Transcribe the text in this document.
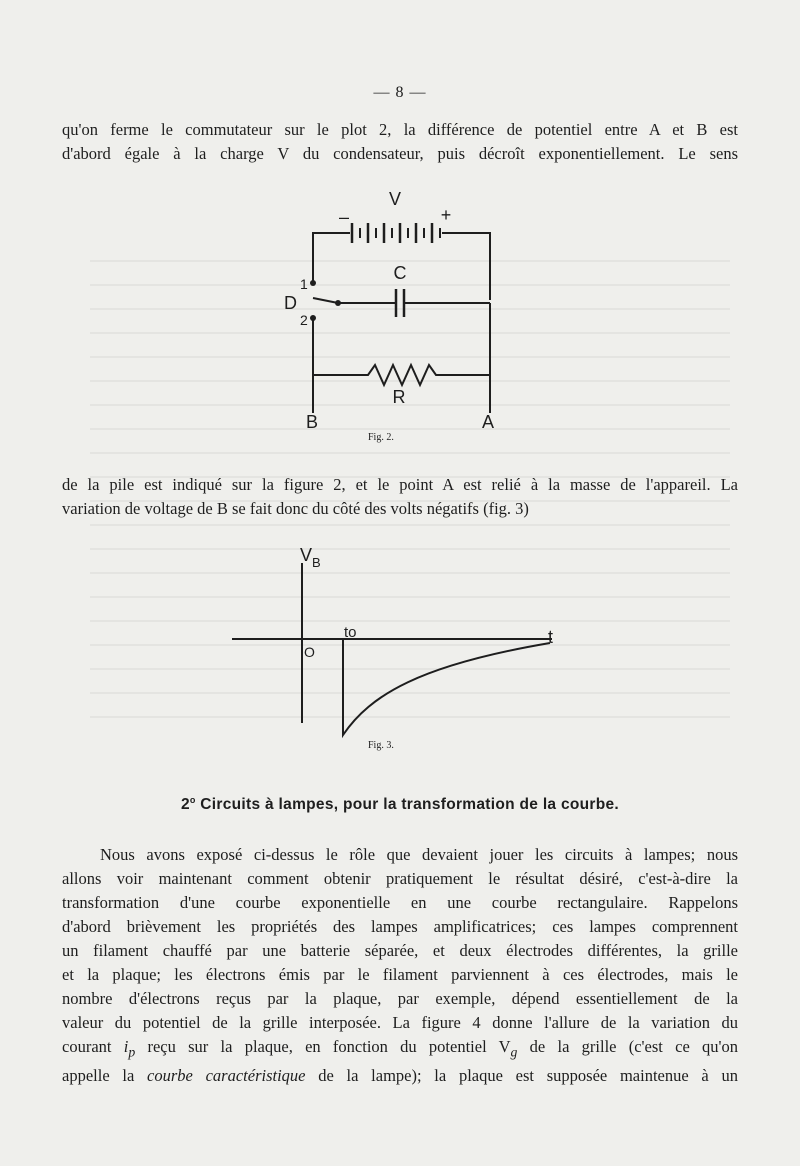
— 8 —
qu'on ferme le commutateur sur le plot 2, la différence de potentiel entre A et B est
d'abord égale à la charge V du condensateur, puis décroît exponentiellement. Le sens
V
–	+
1
D
C
2
R
B	A
Fig. 2.
de la pile est indiqué sur la figure 2, et le point A est relié à la masse de l'appareil. La
variation de voltage de B se fait donc du côté des volts négatifs (fig. 3)
$V_B$
to	t
O
Fig. 3.
2$^o$ Circuits à lampes, pour la transformation de la courbe.
Nous avons exposé ci-dessus le rôle que devaient jouer les circuits à lampes; nous
allons voir maintenant comment obtenir pratiquement le résultat désiré, c'est-à-dire la
transformation d'une courbe exponentielle en une courbe rectangulaire. Rappelons
d'abord brièvement les propriétés des lampes amplificatrices; ces lampes comprennent
un filament chauffé par une batterie séparée, et deux électrodes différentes, la grille
et la plaque; les électrons émis par le filament parviennent à ces électrodes, mais le
nombre d'électrons reçus par la plaque, par exemple, dépend essentiellement de la
valeur du potentiel de la grille interposée. La figure 4 donne l'allure de la variation du
courant $i_p$ reçu sur la plaque, en fonction du potentiel $V_g$ de la grille (c'est ce qu'on
appelle la courbe caractéristique de la lampe); la plaque est supposée maintenue à un
